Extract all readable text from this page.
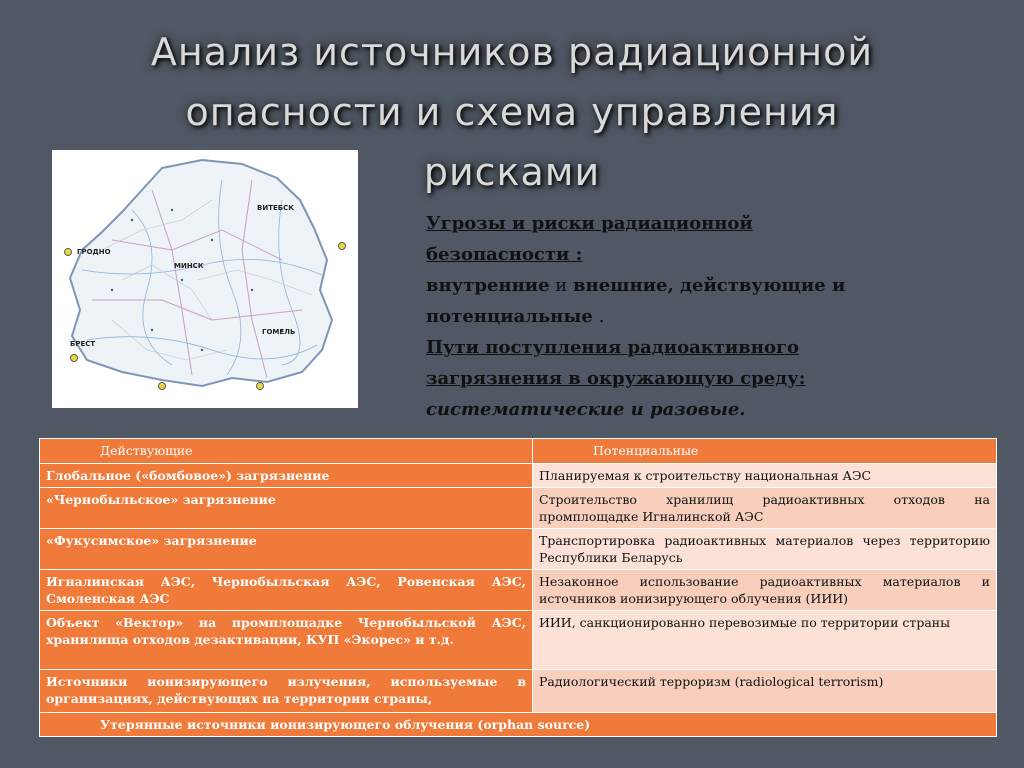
Анализ источников радиационной
опасности и схема управления
рисками
ВИТЕБСК
МИНСК
ГРОДНО
ГОМЕЛЬ
БРЕСТ

Угрозы и риски радиационной

безопасности :

внутренние и внешние, действующие и

потенциальные .

Пути поступления радиоактивного

загрязнения в окружающую среду:

систематические и разовые.

Действующие	Потенциальные
Глобальное («бомбовое») загрязнение	Планируемая к строительству национальная АЭС
«Чернобыльское» загрязнение	Строительство хранилищ радиоактивных отходов на промплощадке Игналинской АЭС
«Фукусимское» загрязнение	Транспортировка радиоактивных материалов через территорию Республики Беларусь
Игналинская АЭС, Чернобыльская АЭС, Ровенская АЭС, Смоленская АЭС	Незаконное использование радиоактивных материалов и источников ионизирующего облучения (ИИИ)
Объект «Вектор» на промплощадке Чернобыльской АЭС, хранилища отходов дезактивации, КУП «Экорес» и т.д.	ИИИ, санкционированно перевозимые по территории страны
Источники ионизирующего излучения, используемые в организациях, действующих на территории страны,	Радиологический терроризм (radiological terrorism)
Утерянные источники ионизирующего облучения (orphan source)	
